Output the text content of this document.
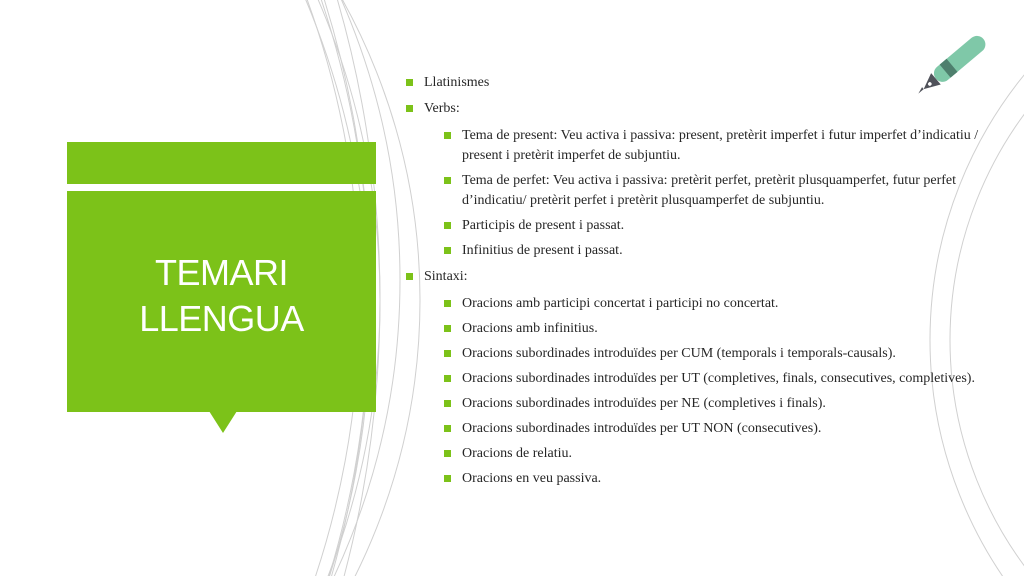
TEMARI
LLENGUA
Llatinismes
Verbs:
Tema de present: Veu activa i passiva: present, pretèrit imperfet i futur imperfet d’indicatiu / present i pretèrit imperfet de subjuntiu.
Tema de perfet: Veu activa i passiva: pretèrit perfet, pretèrit plusquamperfet, futur perfet d’indicatiu/ pretèrit perfet i pretèrit plusquamperfet de subjuntiu.
Participis de present i passat.
Infinitius de present i passat.
Sintaxi:
Oracions amb participi concertat i participi no concertat.
Oracions amb infinitius.
Oracions subordinades introduïdes per CUM (temporals i temporals-causals).
Oracions subordinades introduïdes per UT (completives, finals, consecutives, completives).
Oracions subordinades introduïdes per NE (completives i finals).
Oracions subordinades introduïdes per UT NON (consecutives).
Oracions de relatiu.
Oracions en veu passiva.
